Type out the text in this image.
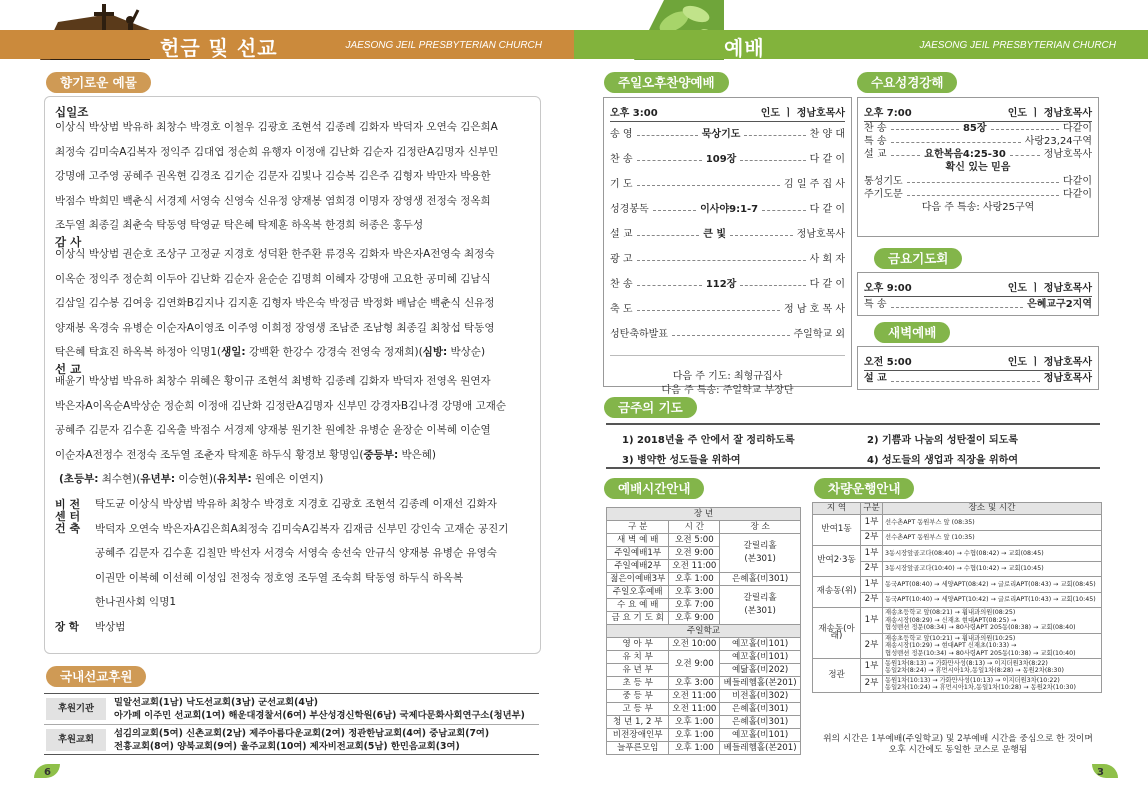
헌금 및 선교	JAESONG JEIL PRESBYTERIAN CHURCH
향기로운 예물
십일조
이상식 박상범 박유하 최창수 박경호 이철우 김광호 조현석 김종례 김화자 박덕자 오연숙 김은희A
최정숙 김미숙A김복자 정익주 김대엽 정순희 유행자 이정애 김난화 김순자 김정란A김명자 신부민
강명애 고주영 공혜주 권옥현 김경조 김기순 김문자 김빛나 김승복 김은주 김형자 박만자 박용한
박점수 박희민 백춘식 서경제 서영숙 신영숙 신유정 양재봉 염희경 이명자 장영생 전정숙 정옥희
조두열 최종길 최춘숙 탁동영 탁영균 탁은혜 탁제훈 하옥복 한경희 허종은 홍두성
감 사
이상식 박상범 권순호 조상구 고정균 지경호 성덕환 한주환 류경옥 김화자 박은자A전영숙 최정숙
이옥순 정익주 정순희 이두아 김난화 김순자 윤순순 김명희 이혜자 강명애 고요한 공미혜 김남식
김삼일 김수봉 김여웅 김연화B김지나 김지훈 김형자 박은숙 박정금 박정화 배남순 백춘식 신유정
양재봉 옥경숙 유병순 이순자A이영조 이주영 이희정 장영생 조남준 조남형 최종길 최창섭 탁동영
탁은혜 탁효진 하옥복 하정아 익명1(생일: 강백환 한강수 강경숙 전영숙 정재희)(심방: 박상순)
선 교
배윤기 박상범 박유하 최창수 위혜은 황이규 조현석 최병학 김종례 김화자 박덕자 전영옥 원연자
박은자A이옥순A박상순 정순희 이정애 김난화 김정란A김명자 신부민 강경자B김나경 강명애 고재순
공혜주 김문자 김수훈 김옥출 박점수 서경제 양재봉 원기찬 원예찬 유병순 윤장순 이복혜 이순열
이순자A전정수 전정숙 조두열 조춘자 탁제훈 하두식 황경보 황명임(중등부: 박은혜)
(초등부: 최수현)(유년부: 이승현)(유치부: 원예은 이연지)
비 전
센 터
건 축
탁도균 이상식 박상범 박유하 최창수 박경호 지경호 김광호 조현석 김종례 이재선 김화자
박덕자 오연숙 박은자A김은희A최정숙 김미숙A김복자 김재금 신부민 강인숙 고재순 공진기
공혜주 김문자 김수훈 김칠만 박선자 서경숙 서영숙 송선숙 안규식 양재봉 유병순 유영숙
이권만 이복혜 이선혜 이성임 전정숙 정호영 조두열 조숙희 탁동영 하두식 하옥복
한나권사회 익명1
장 학 박상범
국내선교후원
후원기관
밀알선교회(1남) 낙도선교회(3남) 군선교회(4남)
아가페 이주민 선교회(1여) 해운대경찰서(6여) 부산성경신학원(6남) 국제다문화사회연구소(청년부)
후원교회
섬김의교회(5여) 신촌교회(2남) 제주아름다운교회(2여) 정관한남교회(4여) 중남교회(7여)
전흥교회(8여) 양북교회(9여) 울주교회(10여) 제자비전교회(5남) 한민음교회(3여)
6
예배	JAESONG JEIL PRESBYTERIAN CHURCH
주일오후찬양예배
오후 3:00	인도 ㅣ 정남호목사
송 영	묵상기도	찬 양 대
찬 송	109장	다 같 이
기 도	김 일 주 집 사
성경봉독	이사야9:1-7	다 같 이
설 교	큰 빛	정남호목사
광 고	사 회 자
찬 송	112장	다 같 이
축 도	정 남 호 목 사
성탄축하발표	주일학교 외
다음 주 기도: 최형규집사
다음 주 특송: 주일학교 부장단
수요성경강해
오후 7:00	인도 ㅣ 정남호목사
찬 송	85장	다같이
특 송	사랑23,24구역
설 교	요한복음4:25-30	정남호목사
확신 있는 믿음
통성기도	다같이
주기도문	다같이
다음 주 특송: 사랑25구역
금요기도회
오후 9:00	인도 ㅣ 정남호목사
특 송	은혜교구2지역
새벽예배
오전 5:00	인도 ㅣ 정남호목사
설 교	정남호목사
금주의 기도
1) 2018년을 주 안에서 잘 정리하도록	2) 기쁨과 나눔의 성탄절이 되도록
3) 병약한 성도들을 위하여	4) 성도들의 생업과 직장을 위하여
예배시간안내
장 년		
구 분	시 간	장 소
새 벽 예 배	오전 5:00	갈릴리홀
(본301)
주일예배1부	오전 9:00	
주일예배2부	오전 11:00	
젊은이예배3부	오후 1:00	은혜홀(비301)
주일오후예배	오후 3:00	갈릴리홀
(본301)
수 요 예 배	오후 7:00	
금 요 기 도 회	오후 9:00	
주일학교		
영 아 부	오전 10:00	예꼬홀(비101)
유 치 부	오전 9:00	예꼬홀(비101)
유 년 부		예닮홀(비202)
초 등 부	오후 3:00	베들레헴홀(본201)
중 등 부	오전 11:00	비전홀(비302)
고 등 부	오전 11:00	은혜홀(비301)
청 년 1, 2 부	오후 1:00	은혜홀(비301)
비전장애인부	오후 1:00	예꼬홀(비101)
늘푸른모임	오후 1:00	베들레헴홀(본201)
차량운행안내
지 역	구분	장소 및 시간
반여1동	1부	선수촌APT 동원부스 앞 (08:35)
	2부	선수촌APT 동원부스 앞 (10:35)
반여2·3동	1부	3동시장앞골고다(08:40) → 수협(08:42) → 교회(08:45)
	2부	3동시장앞골고다(10:40) → 수협(10:42) → 교회(10:45)
재송동(위)	1부	동국APT(08:40) → 세양APT(08:42) → 글로리APT(08:43) → 교회(08:45)
	2부	동국APT(10:40) → 세양APT(10:42) → 글로리APT(10:43) → 교회(10:45)
재송동(아래)	1부	재송초등학교 앞(08:21) → 휩내과의원(08:25)
재송시장(08:29) → 신재초 현대APT(08:25) →
협성맨션 정문(08:34) → 80사령APT 205동(08:38) → 교회(08:40)
	2부	재송초등학교 앞(10:21) → 휩내과의원(10:25)
재송시장(10:29) → 현대APT 신재초(10:33) →
협성맨션 정문(10:34) → 80사령APT 205동(10:38) → 교회(10:40)
정관	1부	동원1차(8:13) → 가화만사성(8:13) → 이지더원3차(8:22)
동일2차(8:24) → 휴먼시아1차,동일1차(8:28) → 동원2차(8:30)
	2부	동원1차(10:13) → 가화만사성(10:13) → 이지더원3차(10:22)
동일2차(10:24) → 휴먼시아1차,동일1차(10:28) → 동원2차(10:30)
위의 시간은 1부예배(주일학교) 및 2부예배 시간을 중심으로 한 것이며
오후 시간에도 동일한 코스로 운행됨
3
